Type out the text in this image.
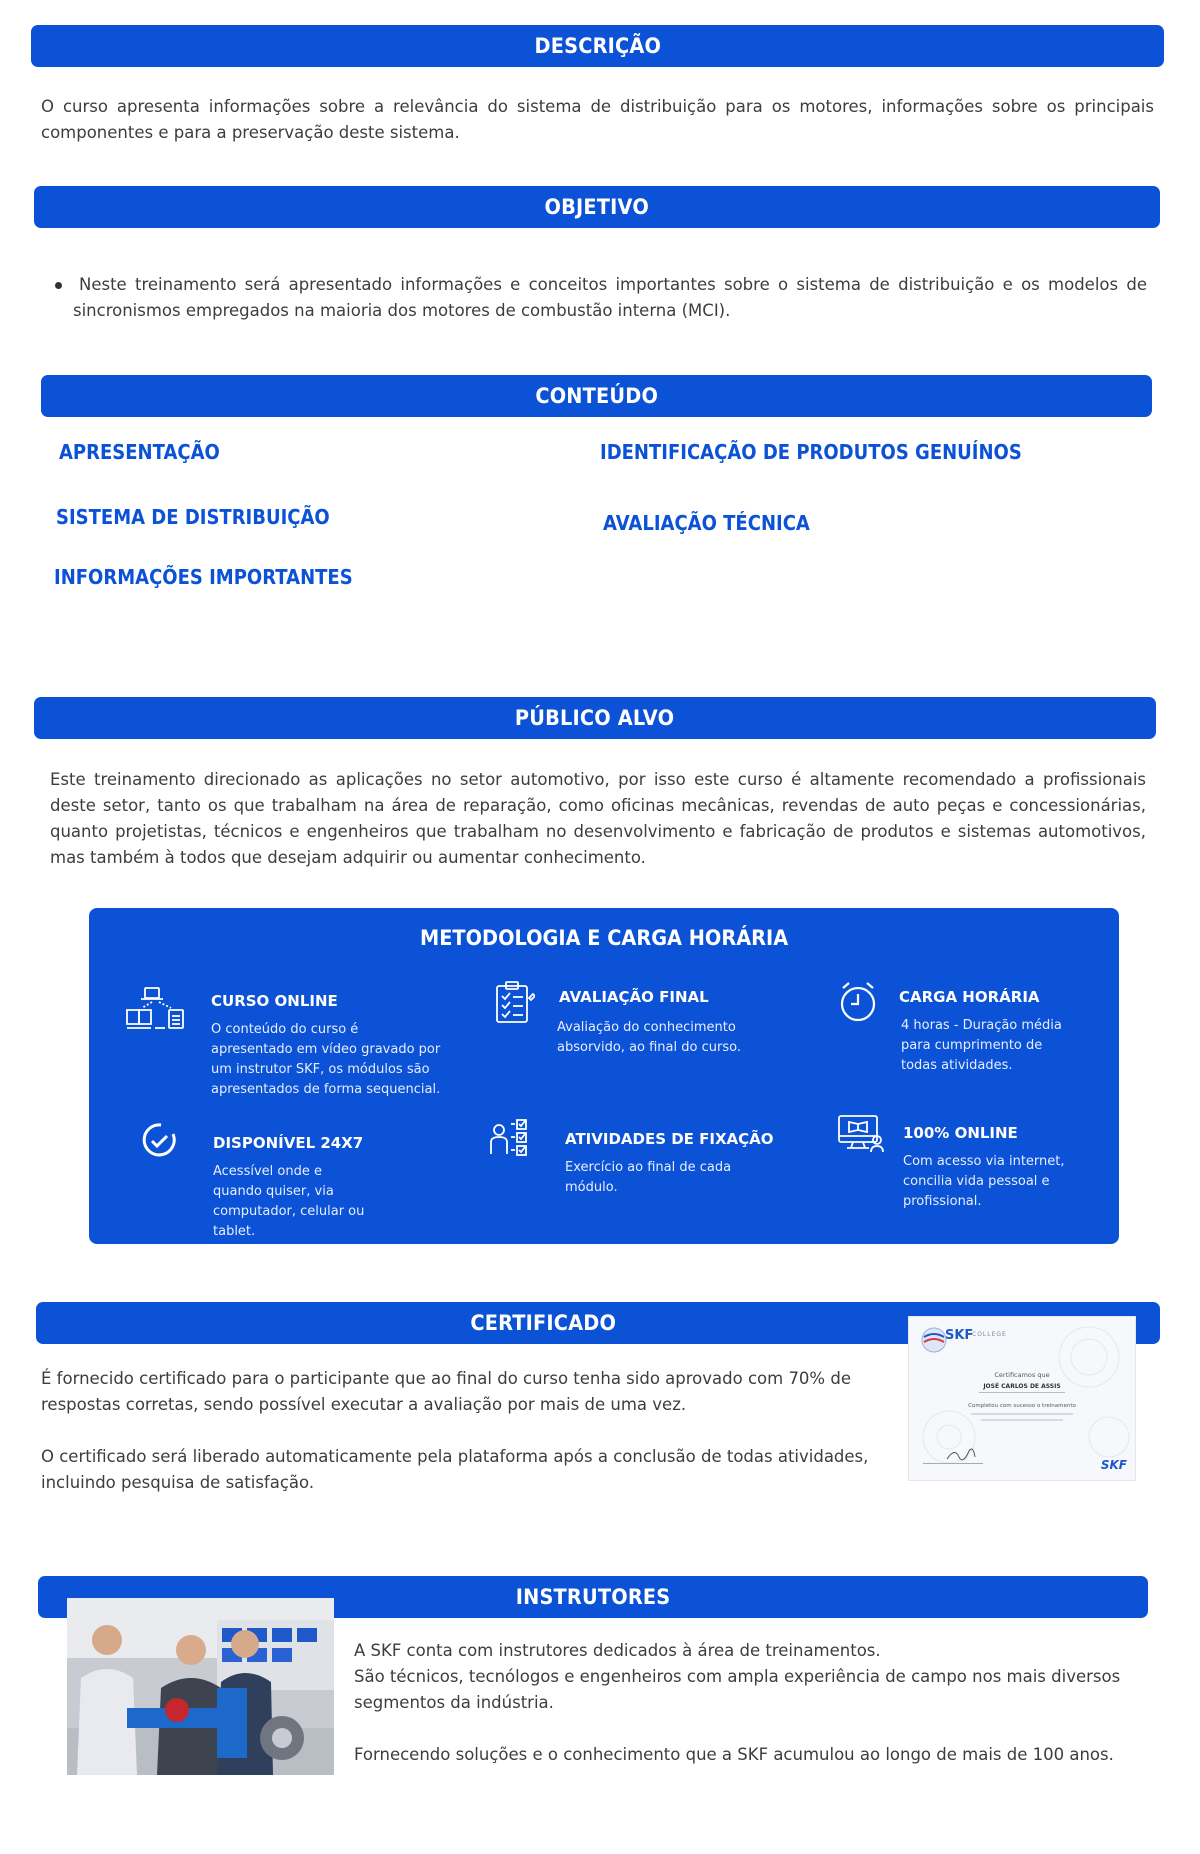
DESCRIÇÃO
O curso apresenta informações sobre a relevância do sistema de distribuição para os motores, informações sobre os principais componentes e para a preservação deste sistema.
OBJETIVO
Neste treinamento será apresentado informações e conceitos importantes sobre o sistema de distribuição e os modelos de sincronismos empregados na maioria dos motores de combustão interna (MCI).
CONTEÚDO
APRESENTAÇÃO
SISTEMA DE DISTRIBUIÇÃO
INFORMAÇÕES IMPORTANTES
IDENTIFICAÇÃO DE PRODUTOS GENUÍNOS
AVALIAÇÃO TÉCNICA
PÚBLICO ALVO
Este treinamento direcionado as aplicações no setor automotivo, por isso este curso é altamente recomendado a profissionais deste setor, tanto os que trabalham na área de reparação, como oficinas mecânicas, revendas de auto peças e concessionárias, quanto projetistas, técnicos e engenheiros que trabalham no desenvolvimento e fabricação de produtos e sistemas automotivos, mas também à todos que desejam adquirir ou aumentar conhecimento.
METODOLOGIA E CARGA HORÁRIA
CURSO ONLINE
O conteúdo do curso é apresentado em vídeo gravado por um instrutor SKF, os módulos são apresentados de forma sequencial.
AVALIAÇÃO FINAL
Avaliação do conhecimento absorvido, ao final do curso.
CARGA HORÁRIA
4 horas - Duração média para cumprimento de todas atividades.
DISPONÍVEL 24X7
Acessível onde e quando quiser, via computador, celular ou tablet.
ATIVIDADES DE FIXAÇÃO
Exercício ao final de cada módulo.
100% ONLINE
Com acesso via internet, concilia vida pessoal e profissional.
CERTIFICADO
É fornecido certificado para o participante que ao final do curso tenha sido aprovado com 70% de respostas corretas, sendo possível executar a avaliação por mais de uma vez.
O certificado será liberado automaticamente pela plataforma após a conclusão de todas atividades, incluindo pesquisa de satisfação.
SKF
COLLEGE
Certificamos que
JOSÉ CARLOS DE ASSIS
Completou com sucesso o treinamento
SKF
INSTRUTORES
A SKF conta com instrutores dedicados à área de treinamentos.
São técnicos, tecnólogos e engenheiros com ampla experiência de campo nos mais diversos segmentos da indústria.
Fornecendo soluções e o conhecimento que a SKF acumulou ao longo de mais de 100 anos.
